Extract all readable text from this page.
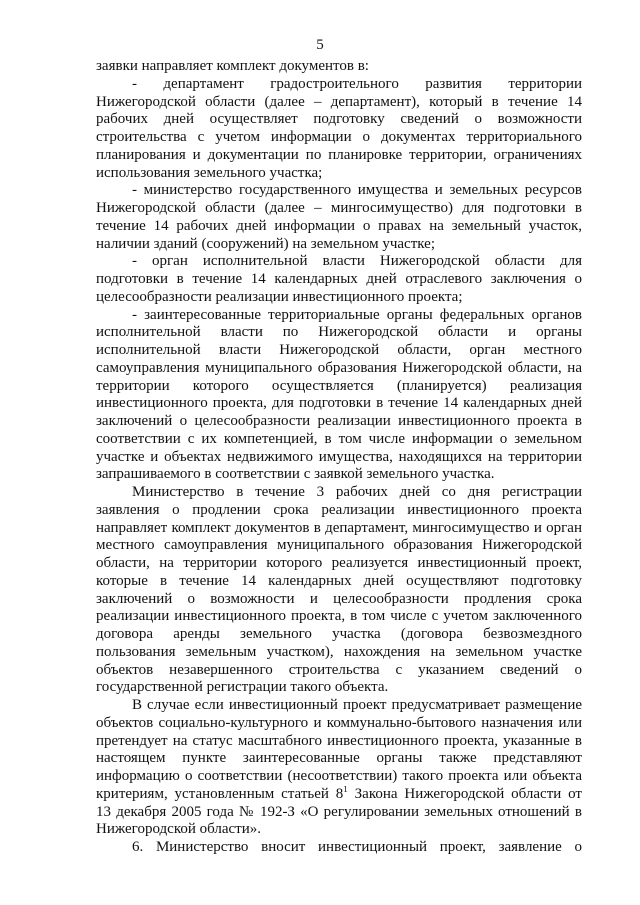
5
заявки направляет комплект документов в:
- департамент градостроительного развития территории
Нижегородской области (далее – департамент), который в течение 14
рабочих дней осуществляет подготовку сведений о возможности
строительства с учетом информации о документах территориального
планирования и документации по планировке территории, ограничениях
использования земельного участка;
- министерство государственного имущества и земельных ресурсов
Нижегородской области (далее – мингосимущество) для подготовки в
течение 14 рабочих дней информации о правах на земельный участок,
наличии зданий (сооружений) на земельном участке;
- орган исполнительной власти Нижегородской области для
подготовки в течение 14 календарных дней отраслевого заключения о
целесообразности реализации инвестиционного проекта;
- заинтересованные территориальные органы федеральных органов
исполнительной власти по Нижегородской области и органы
исполнительной власти Нижегородской области, орган местного
самоуправления муниципального образования Нижегородской области, на
территории которого осуществляется (планируется) реализация
инвестиционного проекта, для подготовки в течение 14 календарных дней
заключений о целесообразности реализации инвестиционного проекта в
соответствии с их компетенцией, в том числе информации о земельном
участке и объектах недвижимого имущества, находящихся на территории
запрашиваемого в соответствии с заявкой земельного участка.
Министерство в течение 3 рабочих дней со дня регистрации
заявления о продлении срока реализации инвестиционного проекта
направляет комплект документов в департамент, мингосимущество и орган
местного самоуправления муниципального образования Нижегородской
области, на территории которого реализуется инвестиционный проект,
которые в течение 14 календарных дней осуществляют подготовку
заключений о возможности и целесообразности продления срока
реализации инвестиционного проекта, в том числе с учетом заключенного
договора аренды земельного участка (договора безвозмездного
пользования земельным участком), нахождения на земельном участке
объектов незавершенного строительства с указанием сведений о
государственной регистрации такого объекта.
В случае если инвестиционный проект предусматривает размещение
объектов социально-культурного и коммунально-бытового назначения или
претендует на статус масштабного инвестиционного проекта, указанные в
настоящем пункте заинтересованные органы также представляют
информацию о соответствии (несоответствии) такого проекта или объекта
критериям, установленным статьей $8^1$ Закона Нижегородской области от
13 декабря 2005 года № 192-З «О регулировании земельных отношений в
Нижегородской области».
6. Министерство вносит инвестиционный проект, заявление о
